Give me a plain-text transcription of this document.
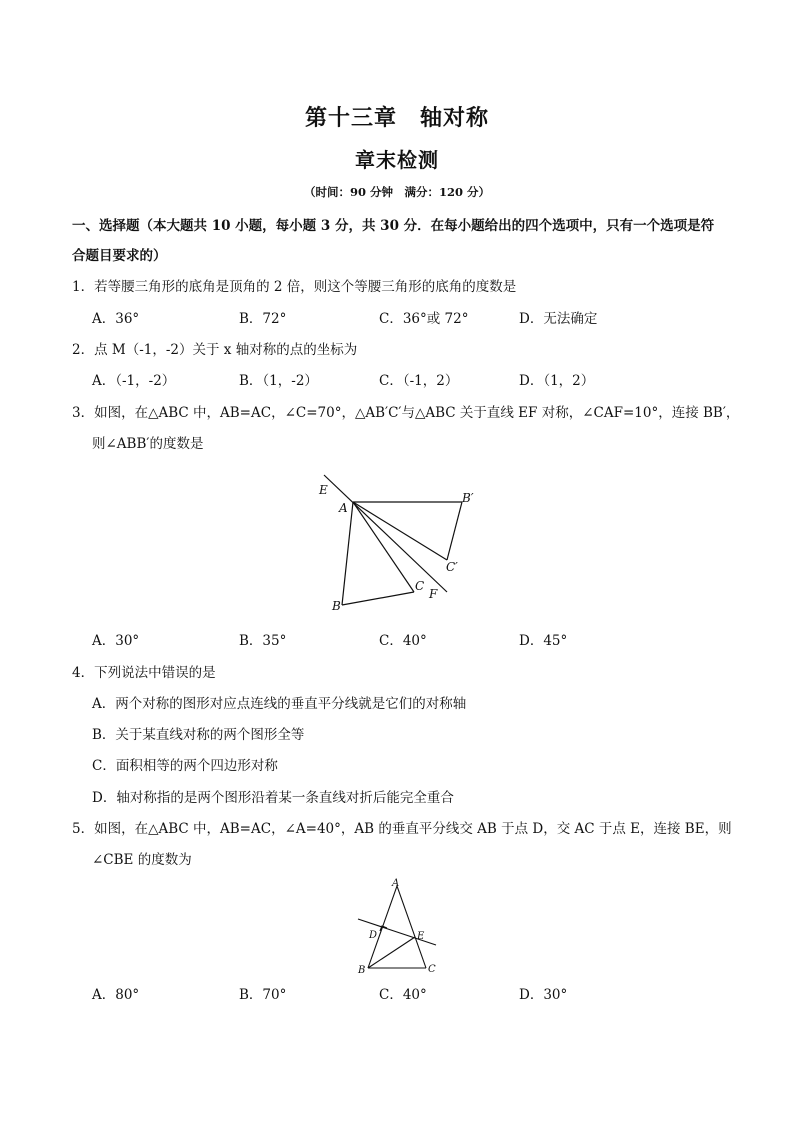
第十三章　轴对称
章末检测
（时间：90 分钟　满分：120 分）
一、选择题（本大题共 10 小题，每小题 3 分，共 30 分．在每小题给出的四个选项中，只有一个选项是符
合题目要求的）
1．若等腰三角形的底角是顶角的 2 倍，则这个等腰三角形的底角的度数是
A．36°	B．72°	C．36°或 72°	D．无法确定
2．点 M（-1，-2）关于 x 轴对称的点的坐标为
A．（-1，-2）	B．（1，-2）	C．（-1，2）	D．（1，2）
3．如图，在△ABC 中，AB=AC，∠C=70°，△AB′C′与△ABC 关于直线 EF 对称，∠CAF=10°，连接 BB′，
则∠ABB′的度数是
E
A
B′
C′
C
F
B
A．30°	B．35°	C．40°	D．45°
4．下列说法中错误的是
A．两个对称的图形对应点连线的垂直平分线就是它们的对称轴
B．关于某直线对称的两个图形全等
C．面积相等的两个四边形对称
D．轴对称指的是两个图形沿着某一条直线对折后能完全重合
5．如图，在△ABC 中，AB=AC，∠A=40°，AB 的垂直平分线交 AB 于点 D，交 AC 于点 E，连接 BE，则
∠CBE 的度数为
A
D	E
B	C
A．80°	B．70°	C．40°	D．30°
